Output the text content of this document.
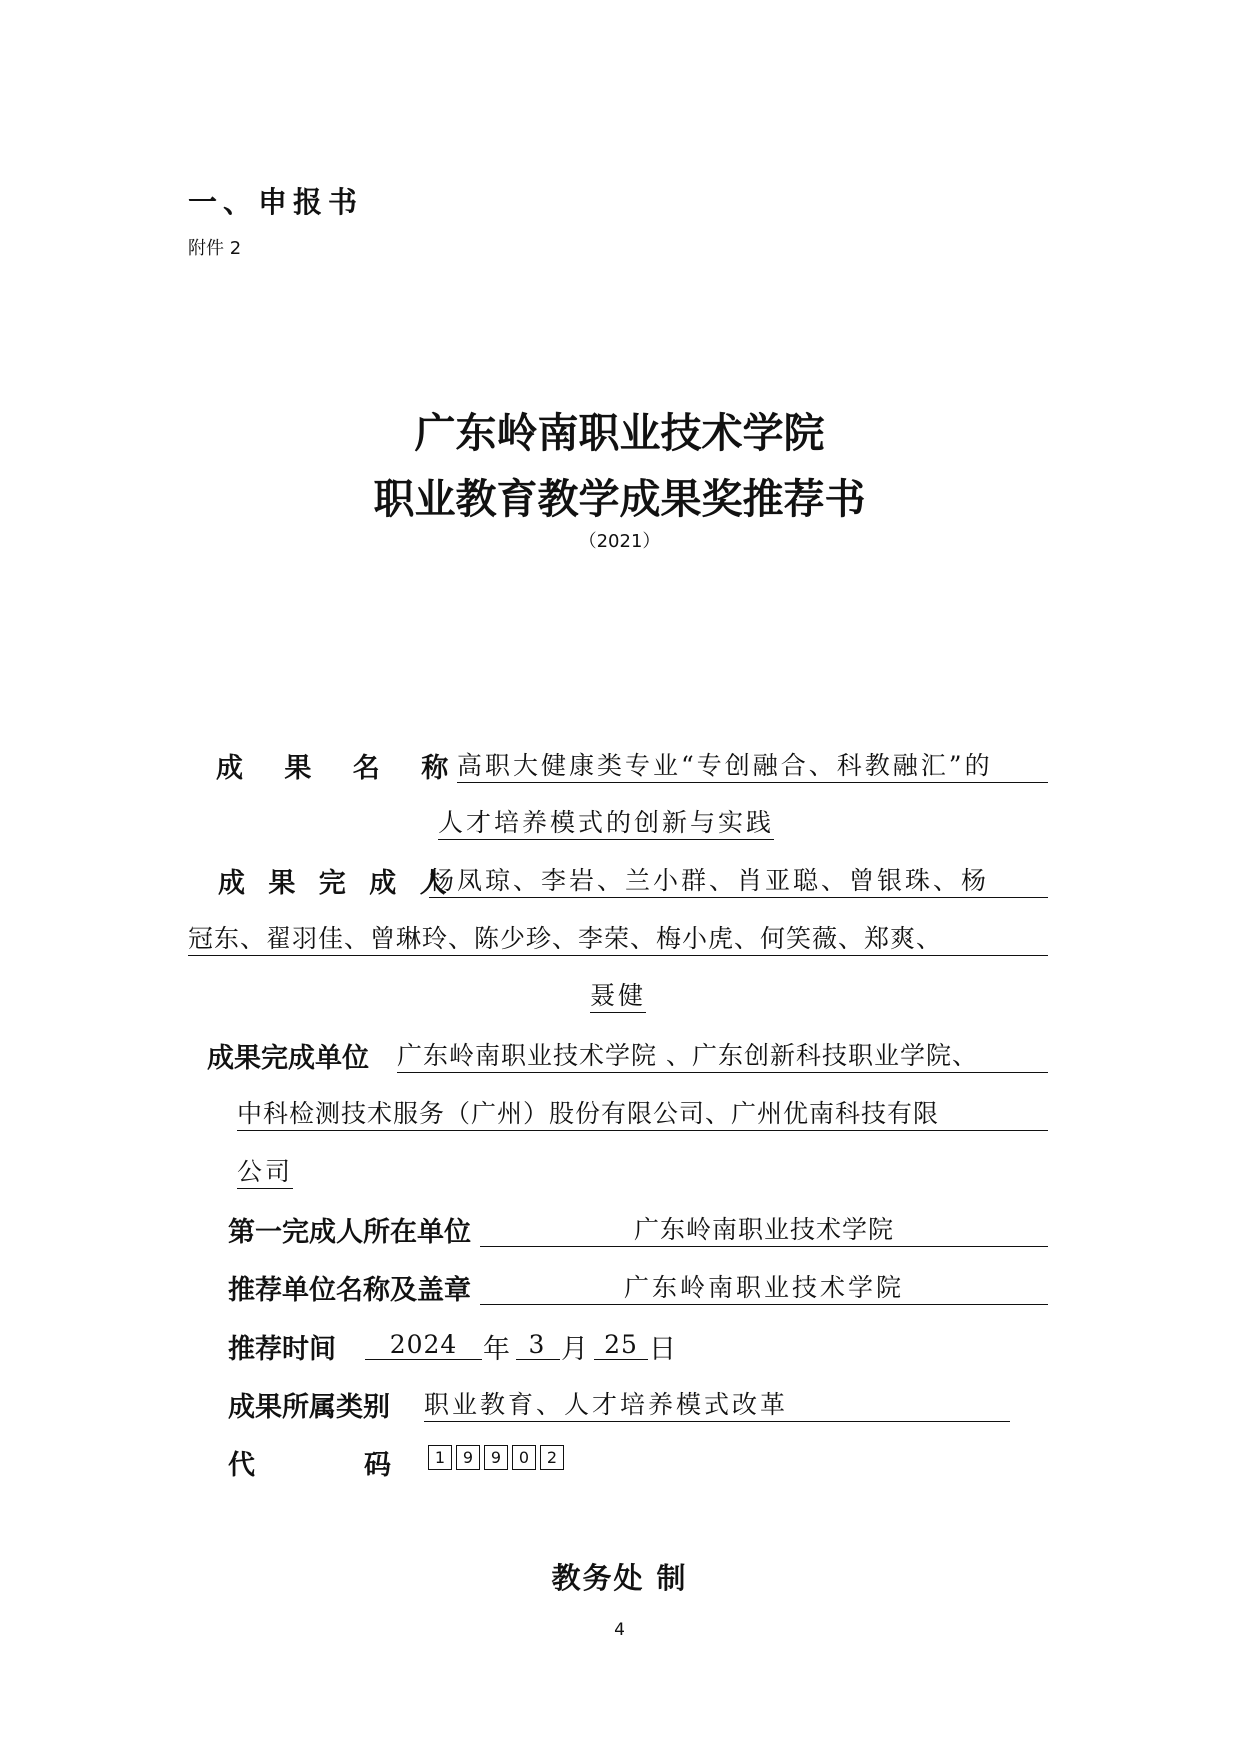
一、申报书
附件 2
广东岭南职业技术学院
职业教育教学成果奖推荐书
（2021）
成 果 名 称
高职大健康类专业“专创融合、科教融汇”的
人才培养模式的创新与实践
成 果 完 成 人
杨凤琼、李岩、兰小群、肖亚聪、曾银珠、杨
冠东、翟羽佳、曾琳玲、陈少珍、李荣、梅小虎、何笑薇、郑爽、
聂健
成果完成单位 广东岭南职业技术学院 、广东创新科技职业学院、
中科检测技术服务（广州）股份有限公司、广州优南科技有限
公司
第一完成人所在单位	广东岭南职业技术学院
推荐单位名称及盖章	广东岭南职业技术学院
推荐时间	2024 年 3 月 25 日
成果所属类别 职业教育、人才培养模式改革
代	码	1	9	9	0	2
教务处 制
4
